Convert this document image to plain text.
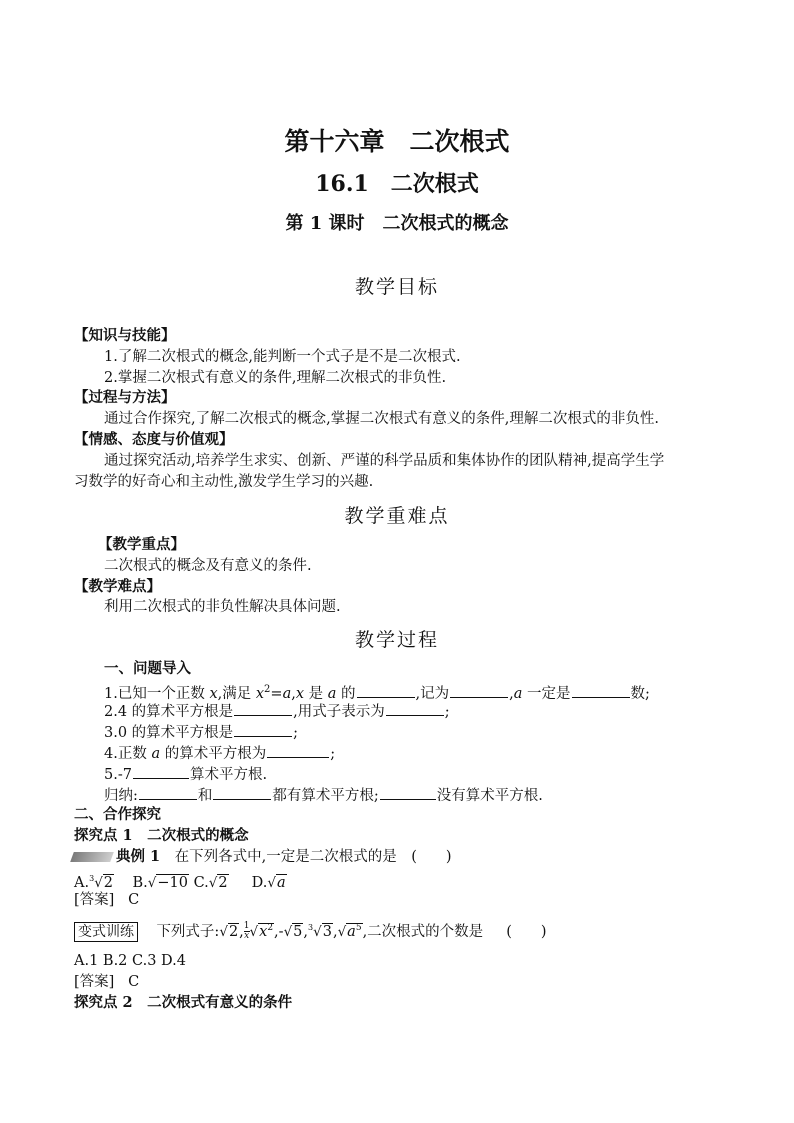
第十六章　二次根式
16.1　二次根式
第 1 课时　二次根式的概念
教学目标
【知识与技能】
1.了解二次根式的概念,能判断一个式子是不是二次根式.
2.掌握二次根式有意义的条件,理解二次根式的非负性.
【过程与方法】
通过合作探究,了解二次根式的概念,掌握二次根式有意义的条件,理解二次根式的非负性.
【情感、态度与价值观】
通过探究活动,培养学生求实、创新、严谨的科学品质和集体协作的团队精神,提高学生学
习数学的好奇心和主动性,激发学生学习的兴趣.
教学重难点
【教学重点】
二次根式的概念及有意义的条件.
【教学难点】
利用二次根式的非负性解决具体问题.
教学过程
一、问题导入
1.已知一个正数 x,满足 $x^2=a,x$ 是 a 的	,记为	,a 一定是	数;
2.4 的算术平方根是	,用式子表示为	;
3.0 的算术平方根是	;
4.正数 a 的算术平方根为	;
5.-7	算术平方根.
归纳:	和	都有算术平方根;	没有算术平方根.
二、合作探究
探究点 1　二次根式的概念
典例 1　 在下列各式中,一定是二次根式的是　 (　　)
A.$^3$√2 B.√−10 C.√2 D.√a
[答案] C
变式训练 下列式子:√2, $\frac{1}{x} √x^2,-√5,^3√3,√a^5$,二次根式的个数是 (　　)
A.1 B.2 C.3 D.4
[答案] C
探究点 2　二次根式有意义的条件
